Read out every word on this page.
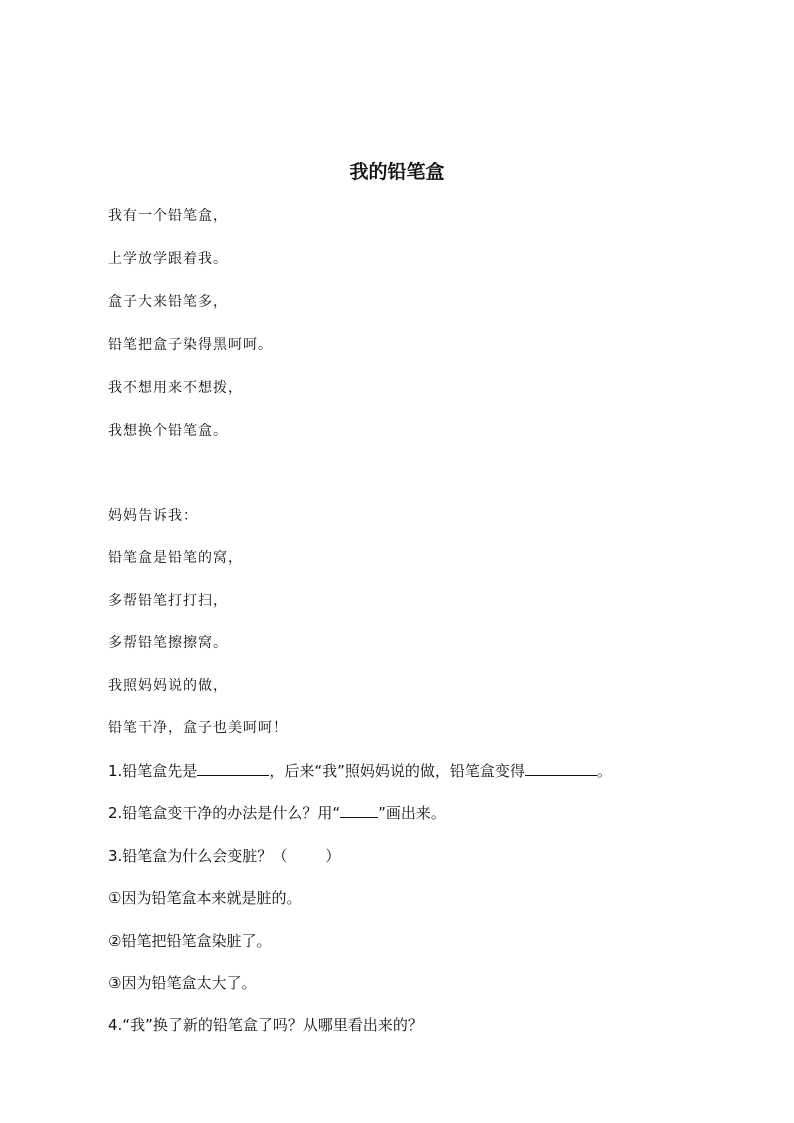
我的铅笔盒
我有一个铅笔盒，
上学放学跟着我。
盒子大来铅笔多，
铅笔把盒子染得黑呵呵。
我不想用来不想拨，
我想换个铅笔盒。
妈妈告诉我：
铅笔盒是铅笔的窝，
多帮铅笔打打扫，
多帮铅笔擦擦窝。
我照妈妈说的做，
铅笔干净，盒子也美呵呵！
1.铅笔盒先是	，后来“我”照妈妈说的做，铅笔盒变得	。
2.铅笔盒变干净的办法是什么？用“	”画出来。
3.铅笔盒为什么会变脏？（	）
①因为铅笔盒本来就是脏的。
②铅笔把铅笔盒染脏了。
③因为铅笔盒太大了。
4.“我”换了新的铅笔盒了吗？从哪里看出来的？
